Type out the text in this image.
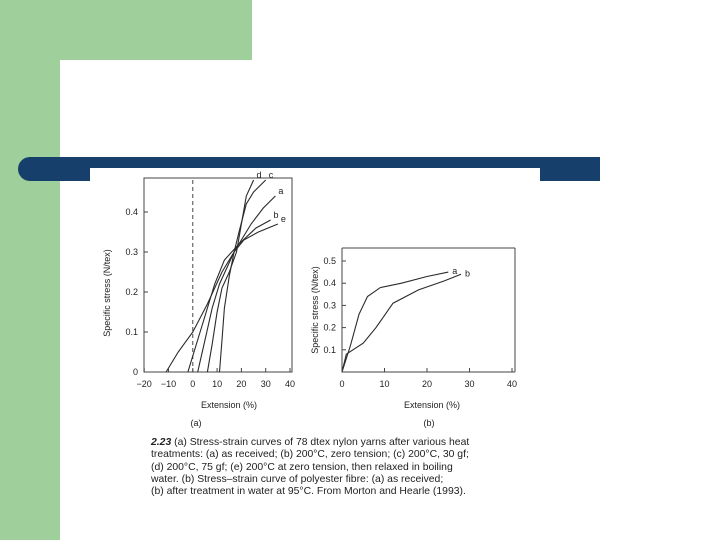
a
b
c
d
e
−20 −10 0 10 20 30 40
0
0.1
0.2
0.3
0.4
Extension (%)
(a)
Specific stress (N/tex)	a b
0	10	20	30	40
0.1
0.2
0.3
0.4
0.5
Extension (%)
(b)
Specific stress (N/tex)
2.23 (a) Stress-strain curves of 78 dtex nylon yarns after various heat
treatments: (a) as received; (b) 200°C, zero tension; (c) 200°C, 30 gf;
(d) 200°C, 75 gf; (e) 200°C at zero tension, then relaxed in boiling
water. (b) Stress–strain curve of polyester fibre: (a) as received;
(b) after treatment in water at 95°C. From Morton and Hearle (1993).
